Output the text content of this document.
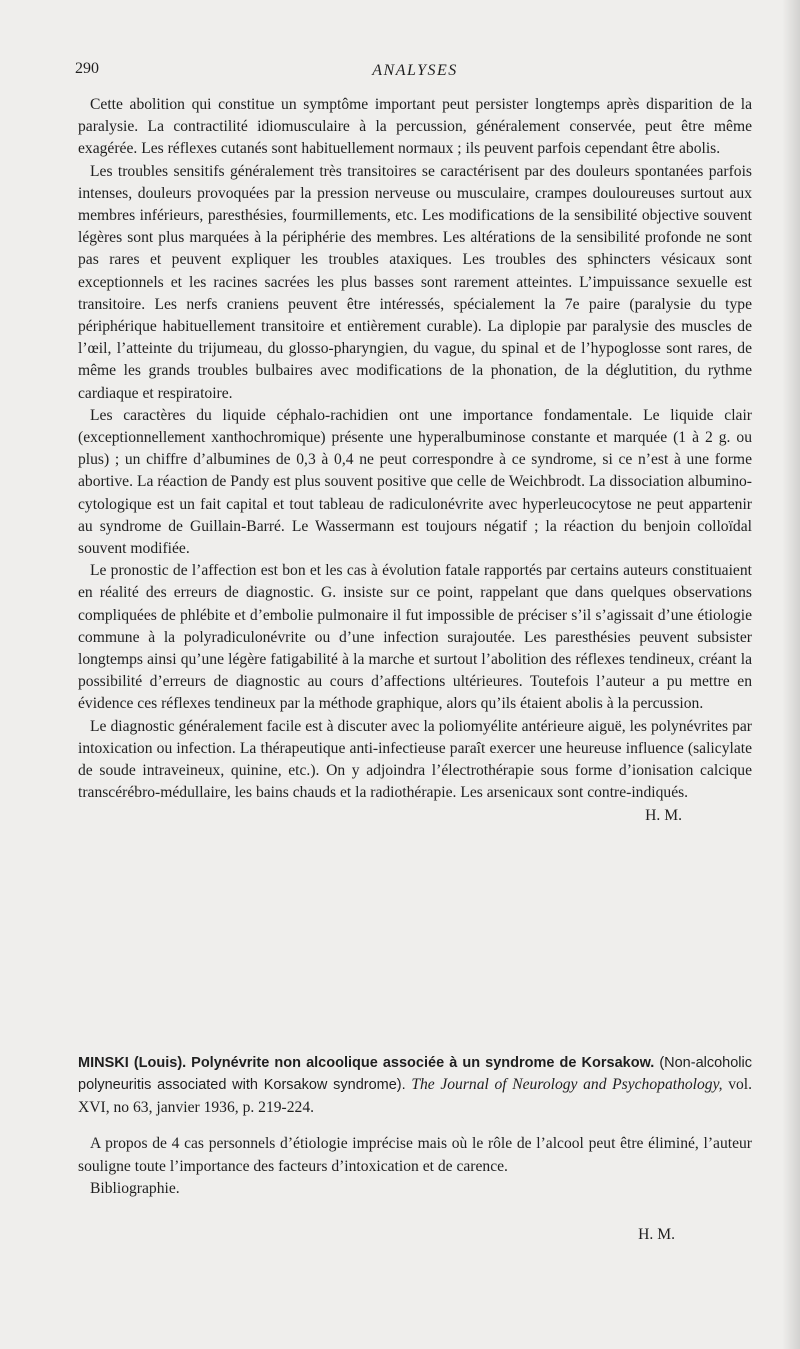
290	ANALYSES

Cette abolition qui constitue un symptôme important peut persister longtemps après disparition de la paralysie. La contractilité idiomusculaire à la percussion, généralement conservée, peut être même exagérée. Les réflexes cutanés sont habituellement normaux ; ils peuvent parfois cependant être abolis.

Les troubles sensitifs généralement très transitoires se caractérisent par des douleurs spontanées parfois intenses, douleurs provoquées par la pression nerveuse ou musculaire, crampes douloureuses surtout aux membres inférieurs, paresthésies, fourmillements, etc. Les modifications de la sensibilité objective souvent légères sont plus marquées à la périphérie des membres. Les altérations de la sensibilité profonde ne sont pas rares et peuvent expliquer les troubles ataxiques. Les troubles des sphincters vésicaux sont exceptionnels et les racines sacrées les plus basses sont rarement atteintes. L’impuissance sexuelle est transitoire. Les nerfs craniens peuvent être intéressés, spécialement la 7e paire (paralysie du type périphérique habituellement transitoire et entièrement curable). La diplopie par paralysie des muscles de l’œil, l’atteinte du trijumeau, du glosso-pharyngien, du vague, du spinal et de l’hypoglosse sont rares, de même les grands troubles bulbaires avec modifications de la phonation, de la déglutition, du rythme cardiaque et respiratoire.

Les caractères du liquide céphalo-rachidien ont une importance fondamentale. Le liquide clair (exceptionnellement xanthochromique) présente une hyperalbuminose constante et marquée (1 à 2 g. ou plus) ; un chiffre d’albumines de 0,3 à 0,4 ne peut correspondre à ce syndrome, si ce n’est à une forme abortive. La réaction de Pandy est plus souvent positive que celle de Weichbrodt. La dissociation albumino-cytologique est un fait capital et tout tableau de radiculonévrite avec hyperleucocytose ne peut appartenir au syndrome de Guillain-Barré. Le Wassermann est toujours négatif ; la réaction du benjoin colloïdal souvent modifiée.

Le pronostic de l’affection est bon et les cas à évolution fatale rapportés par certains auteurs constituaient en réalité des erreurs de diagnostic. G. insiste sur ce point, rappelant que dans quelques observations compliquées de phlébite et d’embolie pulmonaire il fut impossible de préciser s’il s’agissait d’une étiologie commune à la polyradiculonévrite ou d’une infection surajoutée. Les paresthésies peuvent subsister longtemps ainsi qu’une légère fatigabilité à la marche et surtout l’abolition des réflexes tendineux, créant la possibilité d’erreurs de diagnostic au cours d’affections ultérieures. Toutefois l’auteur a pu mettre en évidence ces réflexes tendineux par la méthode graphique, alors qu’ils étaient abolis à la percussion.

Le diagnostic généralement facile est à discuter avec la poliomyélite antérieure aiguë, les polynévrites par intoxication ou infection. La thérapeutique anti-infectieuse paraît exercer une heureuse influence (salicylate de soude intraveineux, quinine, etc.). On y adjoindra l’électrothérapie sous forme d’ionisation calcique transcérébro-médullaire, les bains chauds et la radiothérapie. Les arsenicaux sont contre-indiqués.

H. M.

MINSKI (Louis). Polynévrite non alcoolique associée à un syndrome de Korsakow. (Non-alcoholic polyneuritis associated with Korsakow syndrome). The Journal of Neurology and Psychopathology, vol. XVI, no 63, janvier 1936, p. 219-224.

A propos de 4 cas personnels d’étiologie imprécise mais où le rôle de l’alcool peut être éliminé, l’auteur souligne toute l’importance des facteurs d’intoxication et de carence.

Bibliographie.

H. M.
